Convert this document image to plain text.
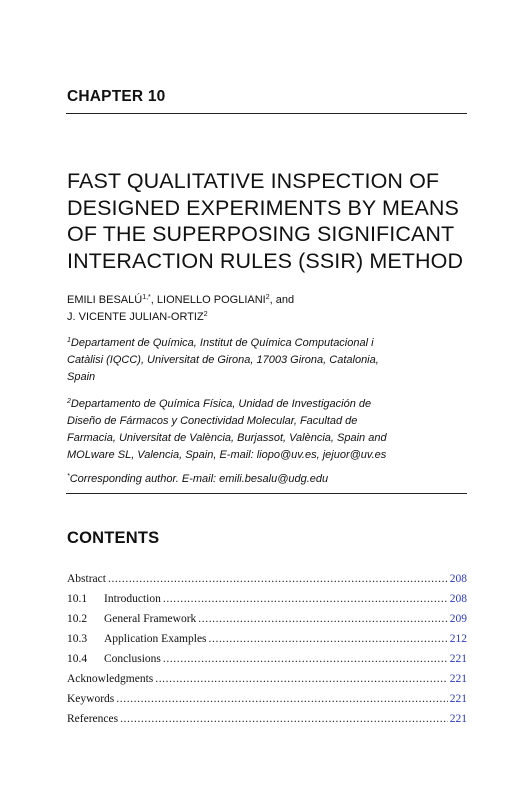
CHAPTER 10
FAST QUALITATIVE INSPECTION OF
DESIGNED EXPERIMENTS BY MEANS
OF THE SUPERPOSING SIGNIFICANT
INTERACTION RULES (SSIR) METHOD
EMILI $BESALÚ^{1,*}$, LIONELLO POGLIANI$^2$, and
J. VICENTE JULIAN-ORTIZ$^2$
$^1$Departament de Química, Institut de Química Computacional i
Catàlisi (IQCC), Universitat de Girona, 17003 Girona, Catalonia,
Spain
$^2$Departamento de Química Física, Unidad de Investigación de
Diseño de Fármacos y Conectividad Molecular, Facultad de
Farmacia, Universitat de València, Burjassot, València, Spain and
MOLware SL, Valencia, Spain, E-mail: liopo@uv.es, jejuor@uv.es
*Corresponding author. E-mail: emili.besalu@udg.edu
CONTENTS
Abstract .....	208
10.1	Introduction .....	208
10.2	General Framework .....	209
10.3	Application Examples .....	212
10.4	Conclusions .....	221
Acknowledgments .....	221
Keywords .....	221
References .....	221
